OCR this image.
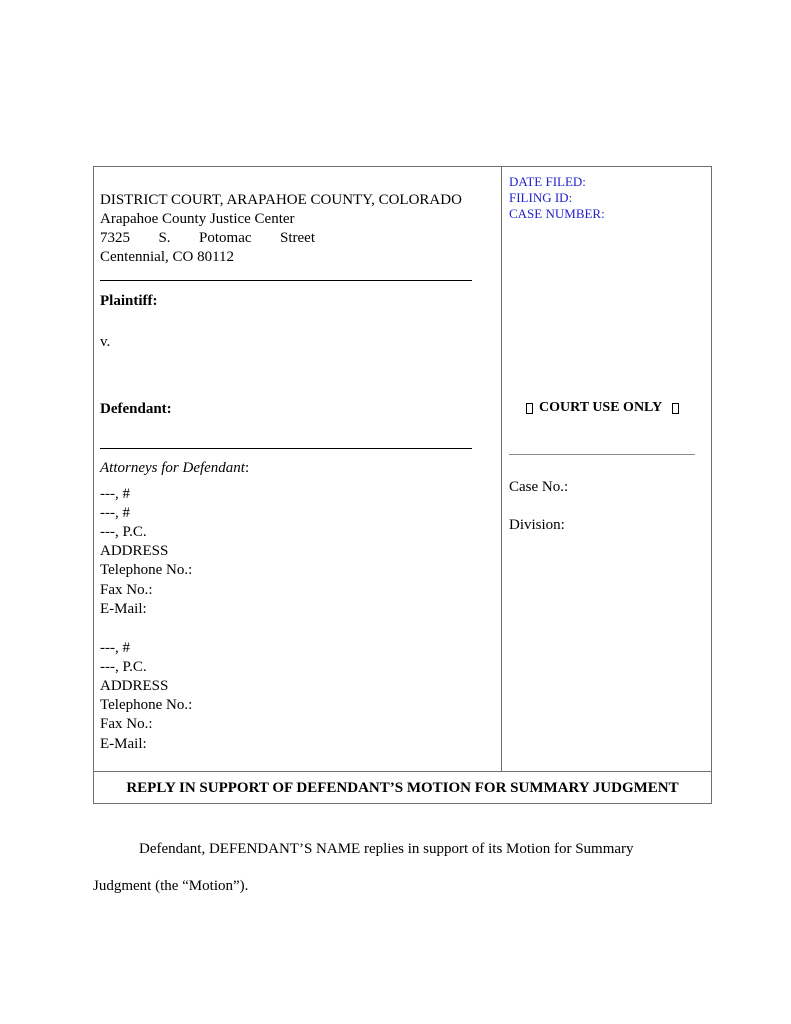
DISTRICT COURT, ARAPAHOE COUNTY, COLORADO
Arapahoe County Justice Center
7325 S. Potomac Street
Centennial, CO 80112
Plaintiff:
v.
Defendant:
Attorneys for Defendant:
---, #
---, #
---, P.C.
ADDRESS
Telephone No.:
Fax No.:
E-Mail:
---, #
---, P.C.
ADDRESS
Telephone No.:
Fax No.:
E-Mail:
DATE FILED:
FILING ID:
CASE NUMBER:
COURT USE ONLY
Case No.:
Division:
REPLY IN SUPPORT OF DEFENDANT’S MOTION FOR SUMMARY JUDGMENT
Defendant, DEFENDANT’S NAME replies in support of its Motion for Summary
Judgment (the “Motion”).
